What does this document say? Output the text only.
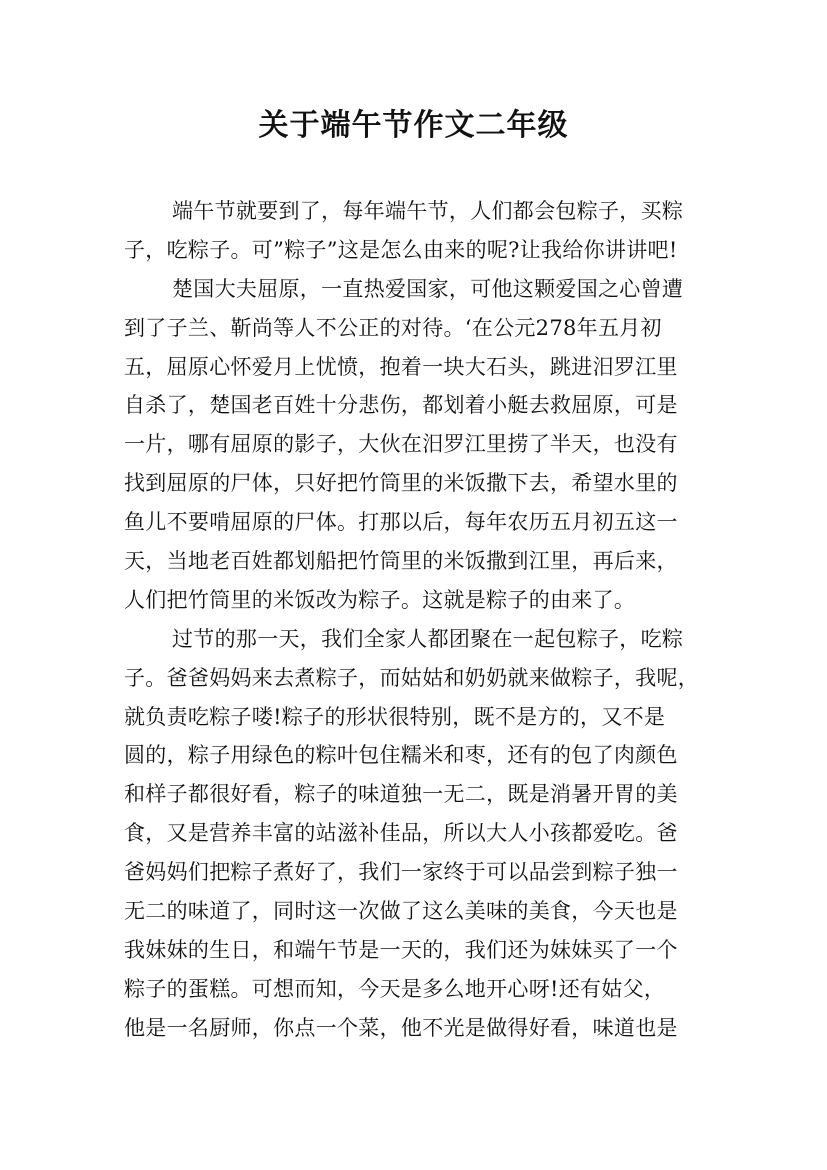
关于端午节作文二年级
端午节就要到了，每年端午节，人们都会包粽子，买粽
子，吃粽子。可”粽子”这是怎么由来的呢?让我给你讲讲吧!
楚国大夫屈原，一直热爱国家，可他这颗爱国之心曾遭
到了子兰、靳尚等人不公正的对待。‘在公元278年五月初
五，屈原心怀爱月上忧愤，抱着一块大石头，跳进汨罗江里
自杀了，楚国老百姓十分悲伤，都划着小艇去救屈原，可是
一片，哪有屈原的影子，大伙在汨罗江里捞了半天，也没有
找到屈原的尸体，只好把竹筒里的米饭撒下去，希望水里的
鱼儿不要啃屈原的尸体。打那以后，每年农历五月初五这一
天，当地老百姓都划船把竹筒里的米饭撒到江里，再后来，
人们把竹筒里的米饭改为粽子。这就是粽子的由来了。
过节的那一天，我们全家人都团聚在一起包粽子，吃粽
子。爸爸妈妈来去煮粽子，而姑姑和奶奶就来做粽子，我呢，
就负责吃粽子喽!粽子的形状很特别，既不是方的，又不是
圆的，粽子用绿色的粽叶包住糯米和枣，还有的包了肉颜色
和样子都很好看，粽子的味道独一无二，既是消暑开胃的美
食，又是营养丰富的站滋补佳品，所以大人小孩都爱吃。爸
爸妈妈们把粽子煮好了，我们一家终于可以品尝到粽子独一
无二的味道了，同时这一次做了这么美味的美食，今天也是
我妹妹的生日，和端午节是一天的，我们还为妹妹买了一个
粽子的蛋糕。可想而知，今天是多么地开心呀!还有姑父，
他是一名厨师，你点一个菜，他不光是做得好看，味道也是
